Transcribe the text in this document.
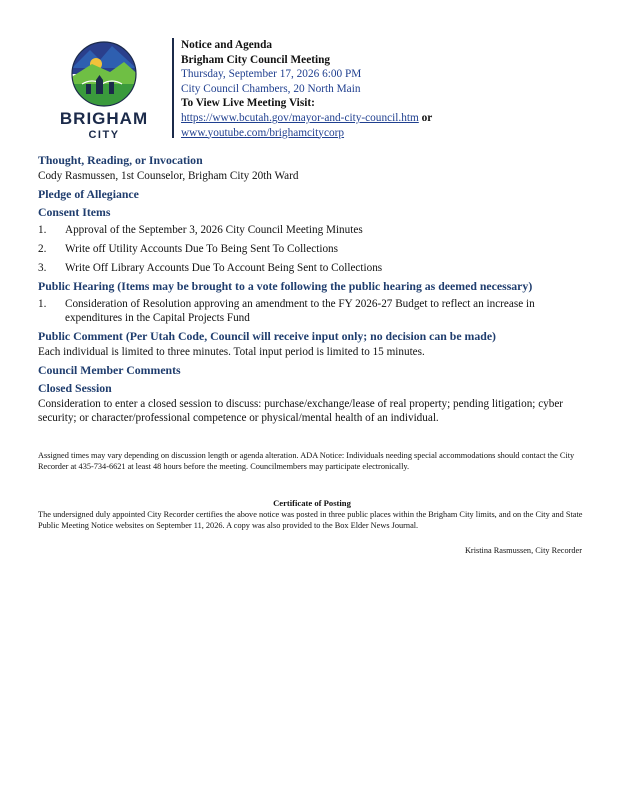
BRIGHAM
CITY
Notice and Agenda
Brigham City Council Meeting
Thursday, September 17, 2026 6:00 PM
City Council Chambers, 20 North Main
To View Live Meeting Visit:
https://www.bcutah.gov/mayor-and-city-council.htm or
www.youtube.com/brighamcitycorp

Thought, Reading, or Invocation

Cody Rasmussen, 1st Counselor, Brigham City 20th Ward

Pledge of Allegiance

Consent Items

1.	Approval of the September 3, 2026 City Council Meeting Minutes
2.	Write off Utility Accounts Due To Being Sent To Collections
3.	Write Off Library Accounts Due To Account Being Sent to Collections

Public Hearing (Items may be brought to a vote following the public hearing as deemed necessary)

1.	Consideration of Resolution approving an amendment to the FY 2026-27 Budget to reflect an increase in expenditures in the Capital Projects Fund

Public Comment (Per Utah Code, Council will receive input only; no decision can be made)

Each individual is limited to three minutes. Total input period is limited to 15 minutes.

Council Member Comments

Closed Session

Consideration to enter a closed session to discuss: purchase/exchange/lease of real property; pending litigation; cyber security; or character/professional competence or physical/mental health of an individual.

Assigned times may vary depending on discussion length or agenda alteration. ADA Notice: Individuals needing special accommodations should contact the City Recorder at 435-734-6621 at least 48 hours before the meeting. Councilmembers may participate electronically.
Certificate of Posting
The undersigned duly appointed City Recorder certifies the above notice was posted in three public places within the Brigham City limits, and on the City and State Public Meeting Notice websites on September 11, 2026. A copy was also provided to the Box Elder News Journal.
Kristina Rasmussen, City Recorder
